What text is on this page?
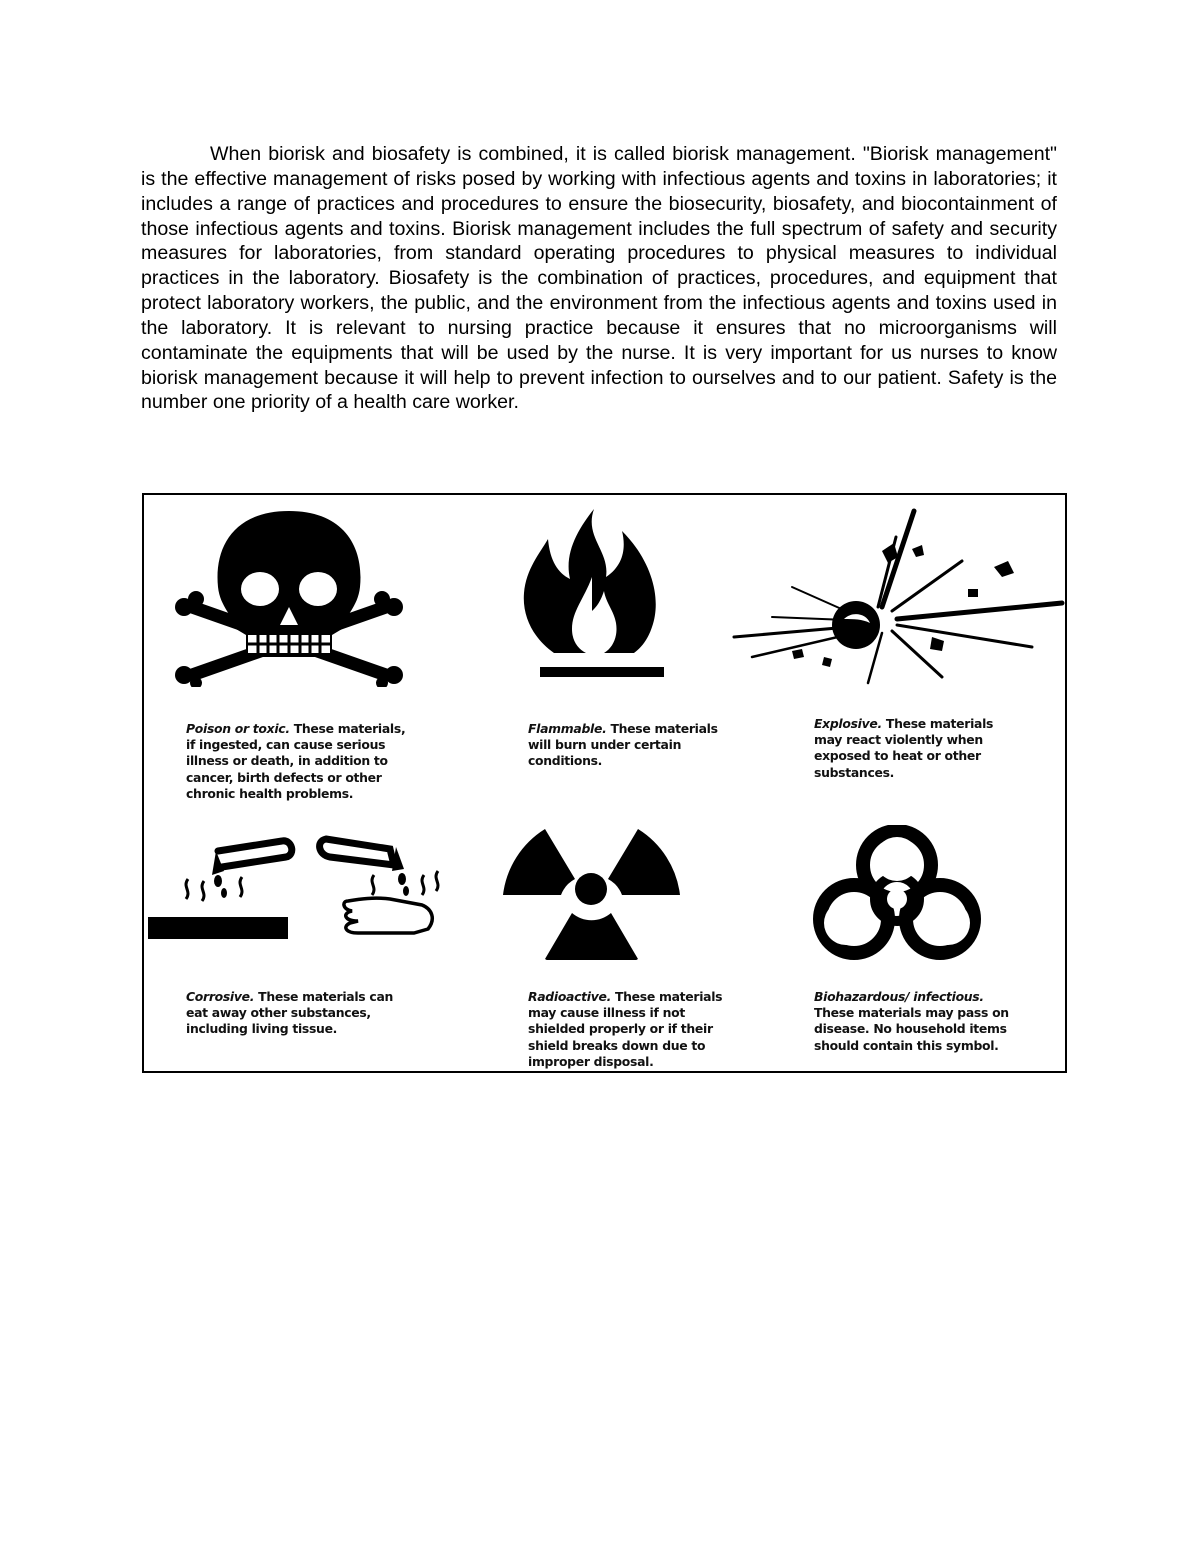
When biorisk and biosafety is combined, it is called biorisk management. "Biorisk management" is the effective management of risks posed by working with infectious agents and toxins in laboratories; it includes a range of practices and procedures to ensure the biosecurity, biosafety, and biocontainment of those infectious agents and toxins. Biorisk management includes the full spectrum of safety and security measures for laboratories, from standard operating procedures to physical measures to individual practices in the laboratory. Biosafety is the combination of practices, procedures, and equipment that protect laboratory workers, the public, and the environment from the infectious agents and toxins used in the laboratory. It is relevant to nursing practice because it ensures that no microorganisms will contaminate the equipments that will be used by the nurse. It is very important for us nurses to know biorisk management because it will help to prevent infection to ourselves and to our patient. Safety is the number one priority of a health care worker.

Poison or toxic. These materials, if ingested, can cause serious illness or death, in addition to cancer, birth defects or other chronic health problems.
Flammable. These materials will burn under certain conditions.
Explosive. These materials may react violently when exposed to heat or other substances.
Corrosive. These materials can eat away other substances, including living tissue.
Radioactive. These materials may cause illness if not shielded properly or if their shield breaks down due to improper disposal.
Biohazardous/ infectious. These materials may pass on disease. No household items should contain this symbol.
